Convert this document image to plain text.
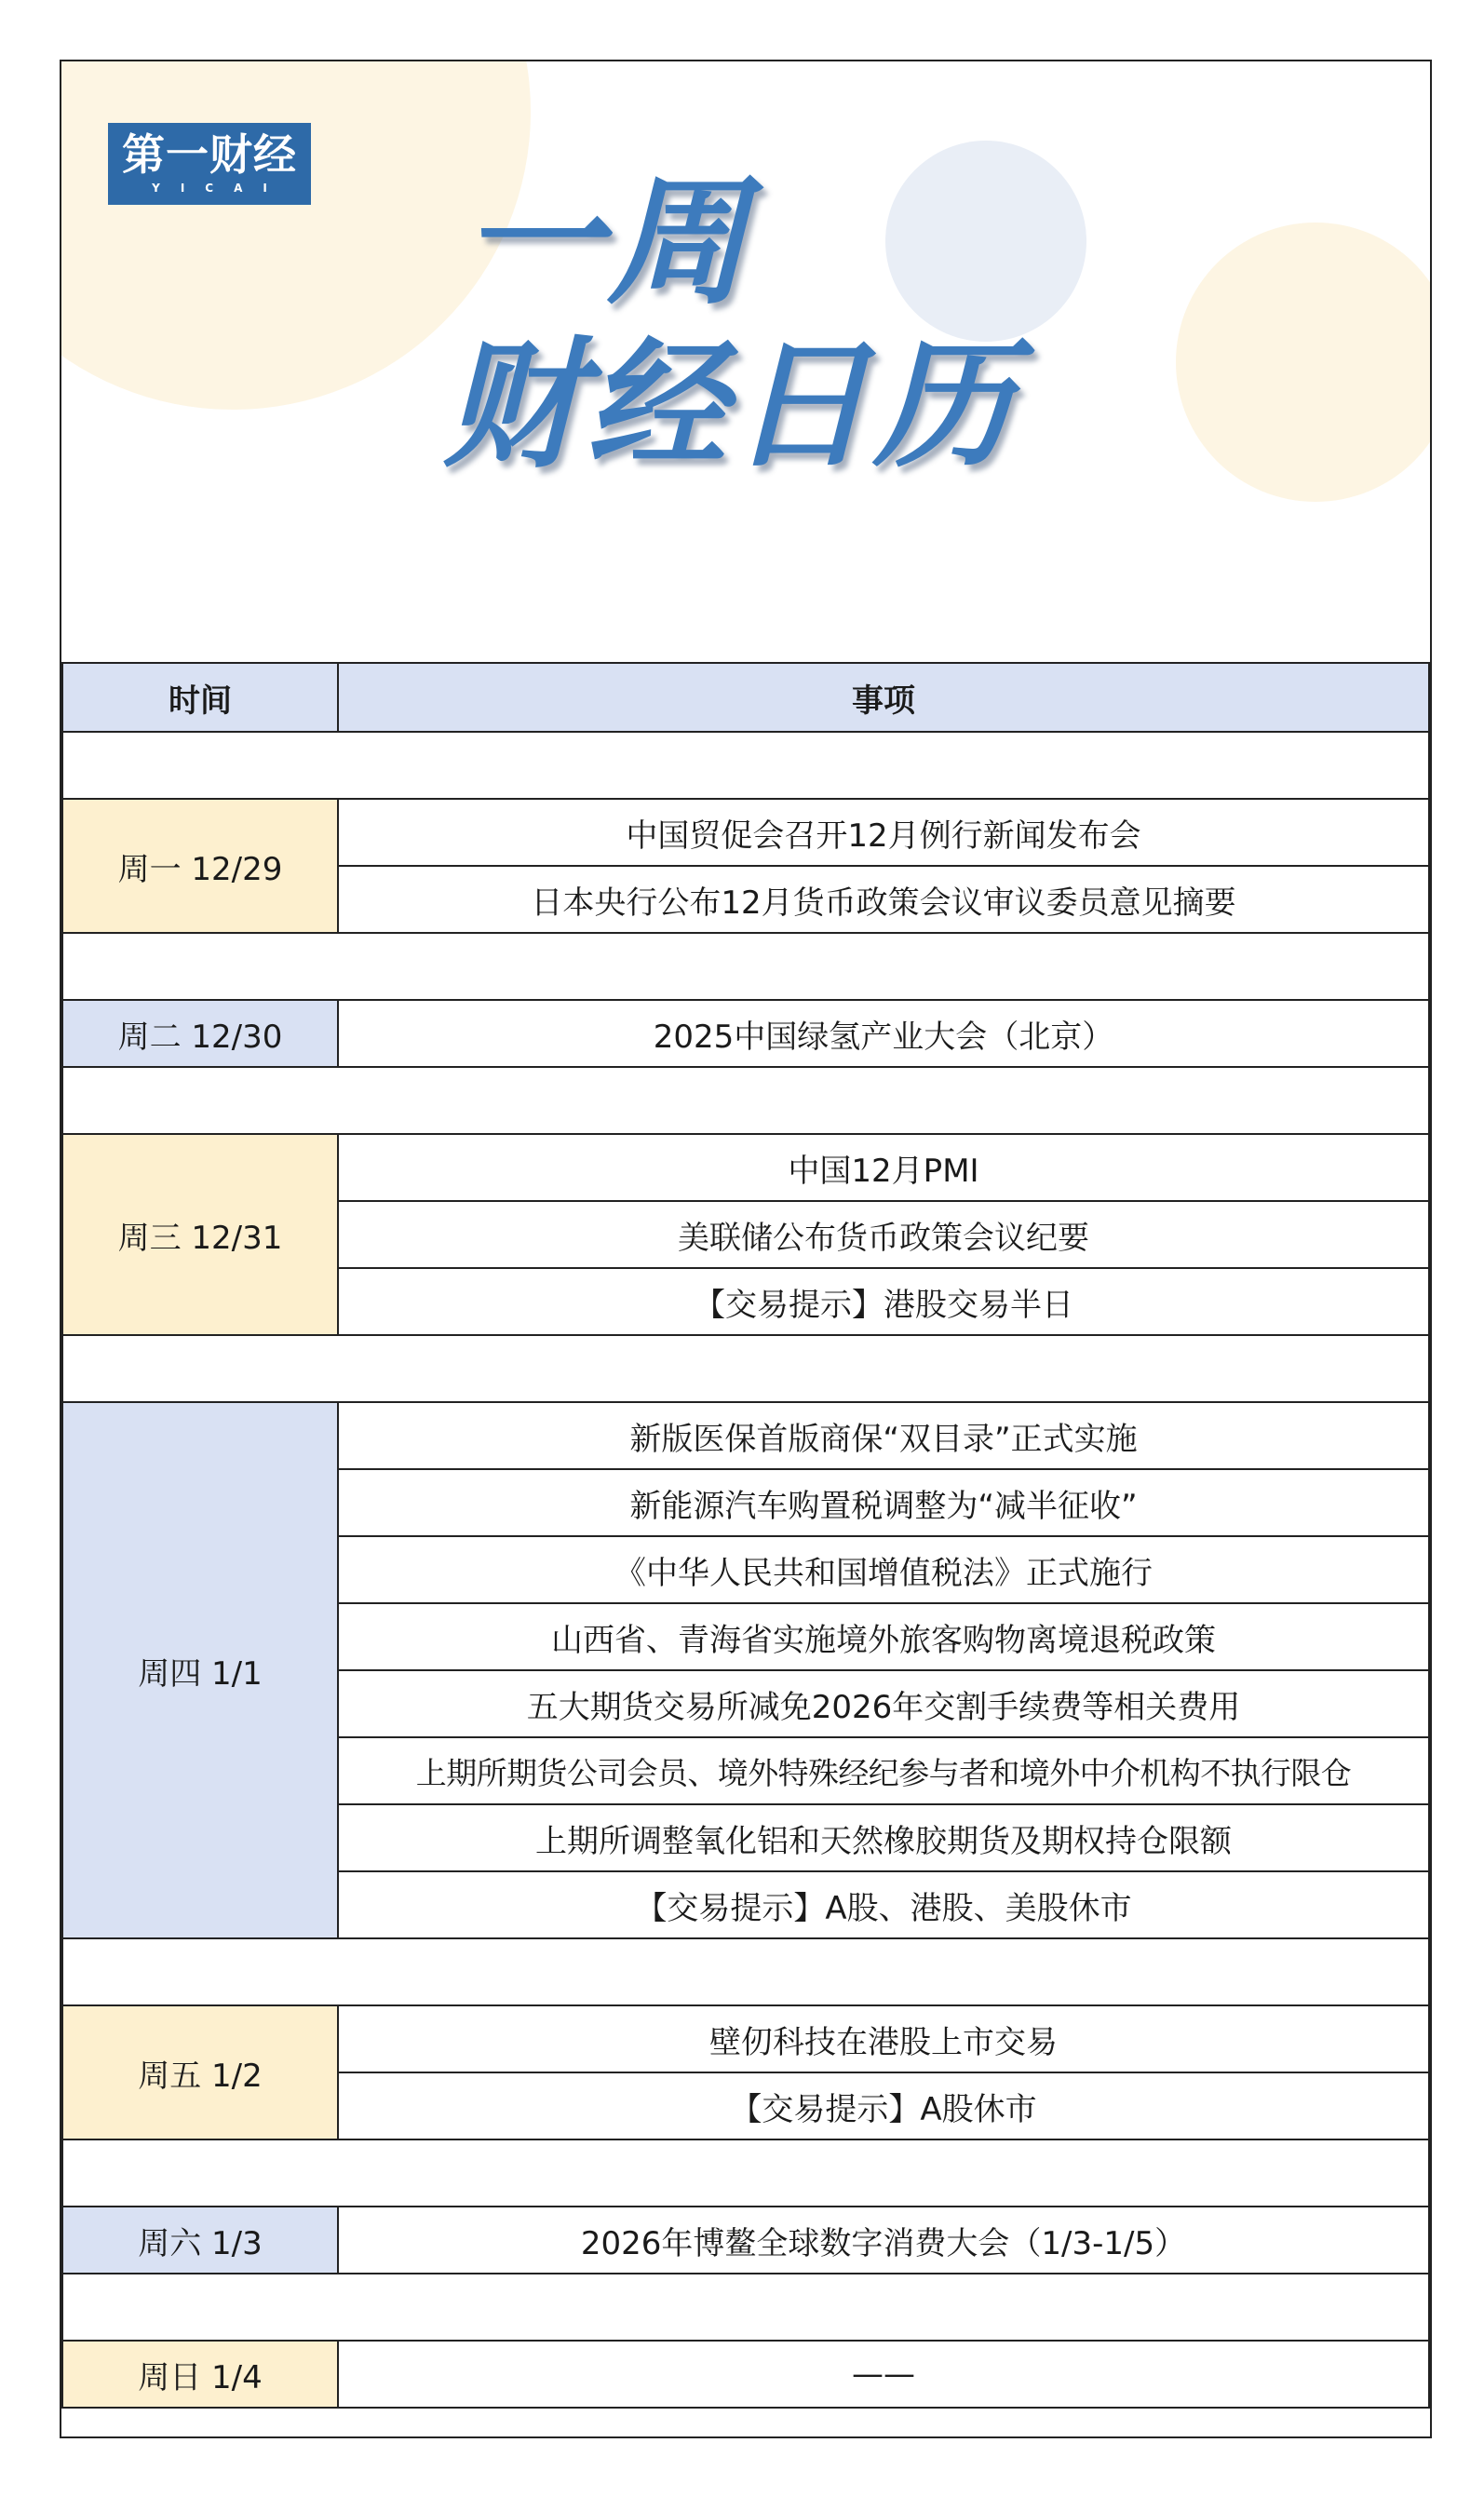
第一财经
YICAI 一周
财经日历
时间	事项

周一 12/29	中国贸促会召开12月例行新闻发布会
	日本央行公布12月货币政策会议审议委员意见摘要

周二 12/30	2025中国绿氢产业大会（北京）

周三 12/31	中国12月PMI
	美联储公布货币政策会议纪要
	【交易提示】港股交易半日

周四 1/1	新版医保首版商保“双目录”正式实施
	新能源汽车购置税调整为“减半征收”
	《中华人民共和国增值税法》正式施行
	山西省、青海省实施境外旅客购物离境退税政策
	五大期货交易所减免2026年交割手续费等相关费用
	上期所期货公司会员、境外特殊经纪参与者和境外中介机构不执行限仓
	上期所调整氧化铝和天然橡胶期货及期权持仓限额
	【交易提示】A股、港股、美股休市

周五 1/2	壁仞科技在港股上市交易
	【交易提示】A股休市

周六 1/3	2026年博鳌全球数字消费大会（1/3-1/5）

周日 1/4	——
